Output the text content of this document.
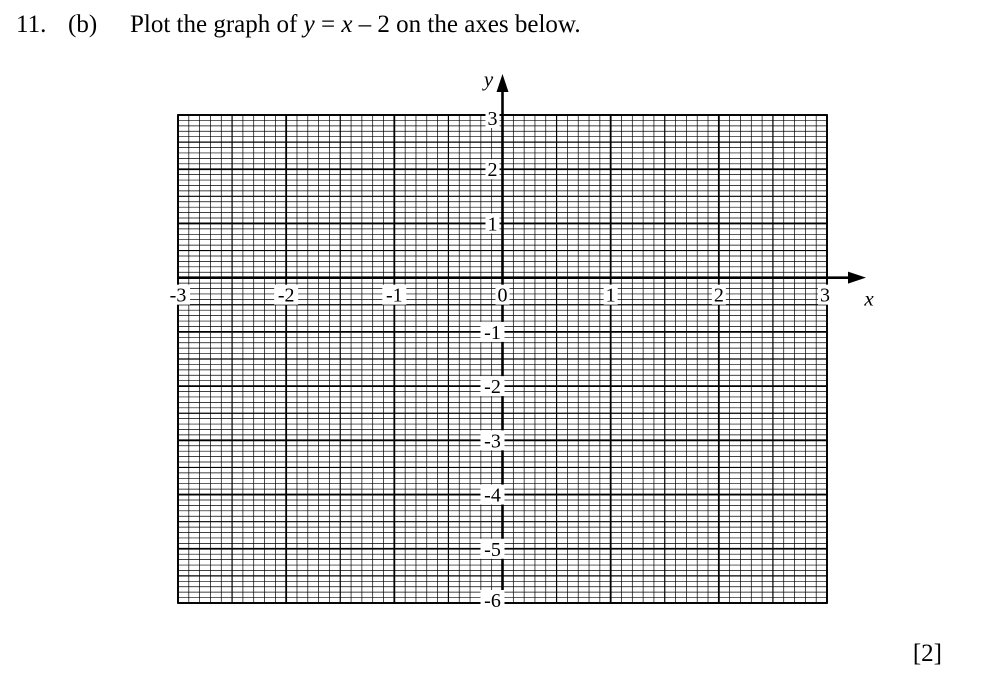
11. (b) Plot the graph of y = x – 2 on the axes below.
-3	-2	-1	0	1	2	3
3
2
1
-1
-2
-3
-4
-5
-6
x
y
[2]
